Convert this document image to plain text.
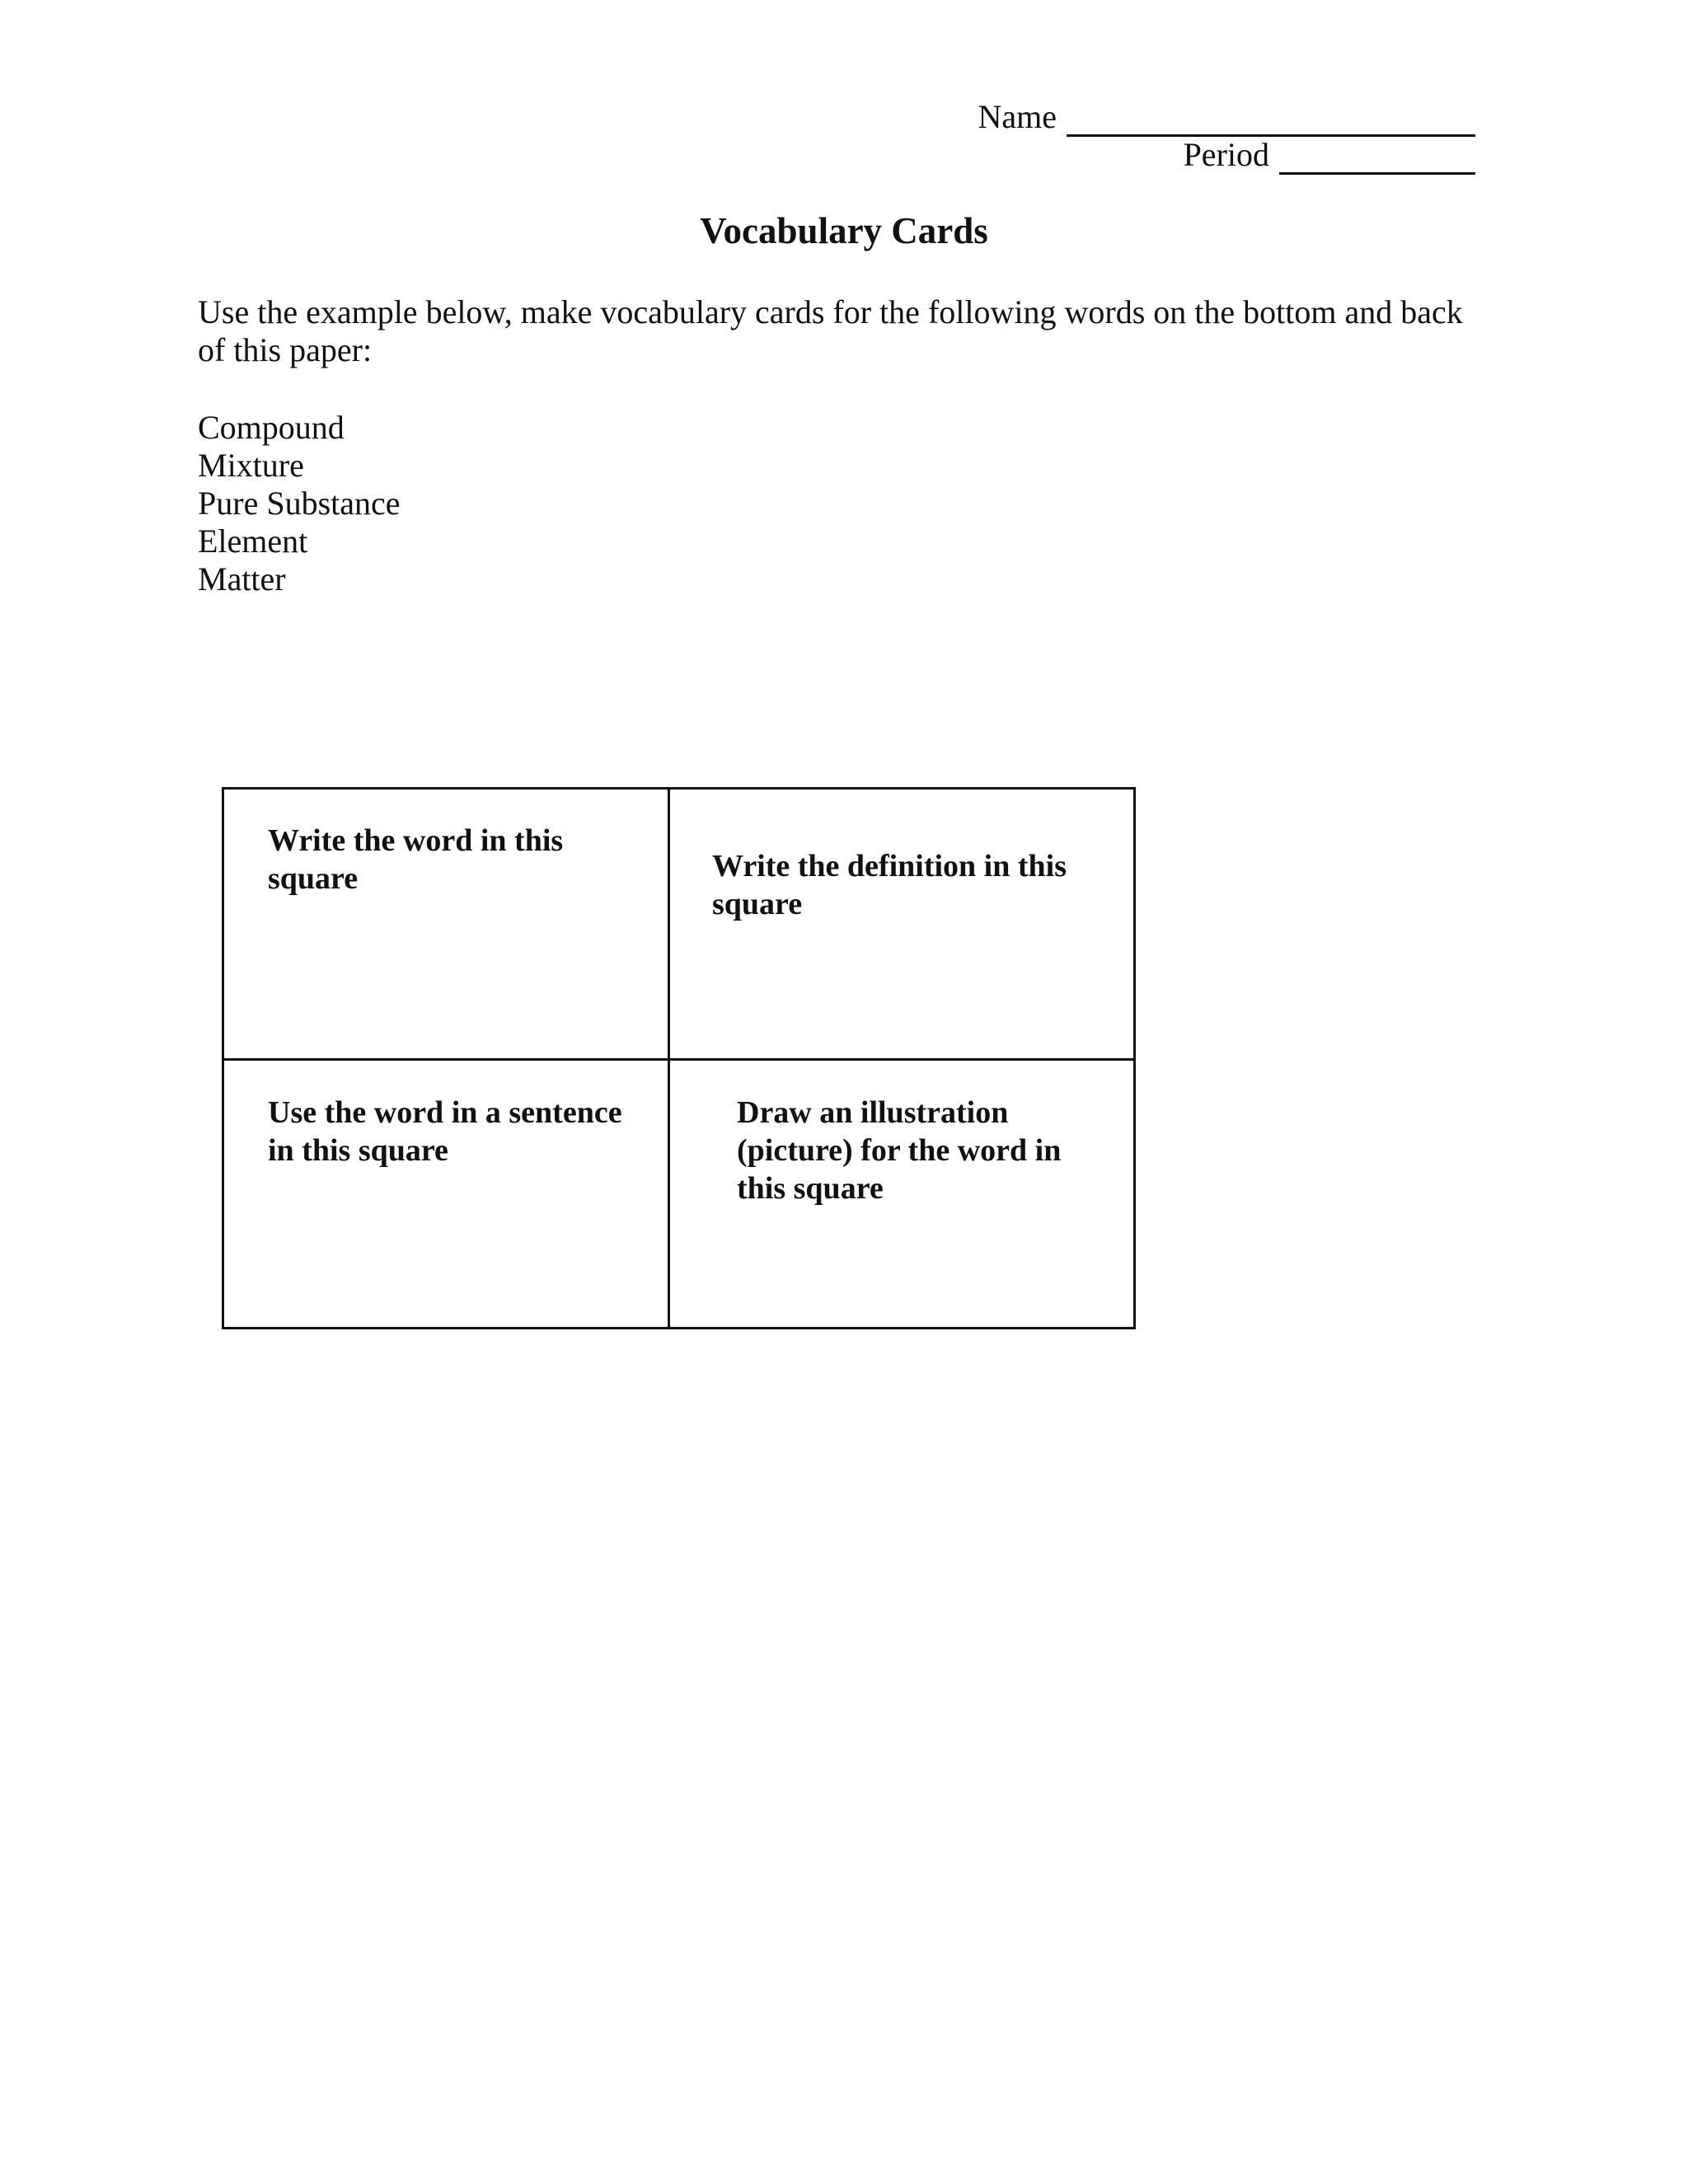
Name
Period
Vocabulary Cards
Use the example below, make vocabulary cards for the following words on the bottom and back of this paper:
Compound
Mixture
Pure Substance
Element
Matter
Write the word in this square	Write the definition in this square
Use the word in a sentence in this square
Draw an illustration (picture) for the word in this square
